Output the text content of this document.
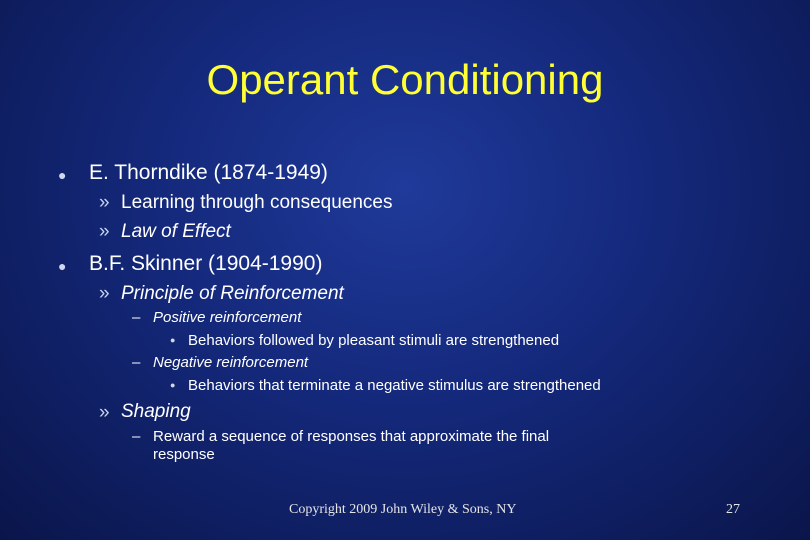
Operant Conditioning
● E. Thorndike (1874-1949)
» Learning through consequences
» Law of Effect
● B.F. Skinner (1904-1990)
» Principle of Reinforcement
– Positive reinforcement
● Behaviors followed by pleasant stimuli are strengthened
– Negative reinforcement
● Behaviors that terminate a negative stimulus are strengthened
» Shaping
– Reward a sequence of responses that approximate the final
response
Copyright 2009 John Wiley & Sons, NY	27
